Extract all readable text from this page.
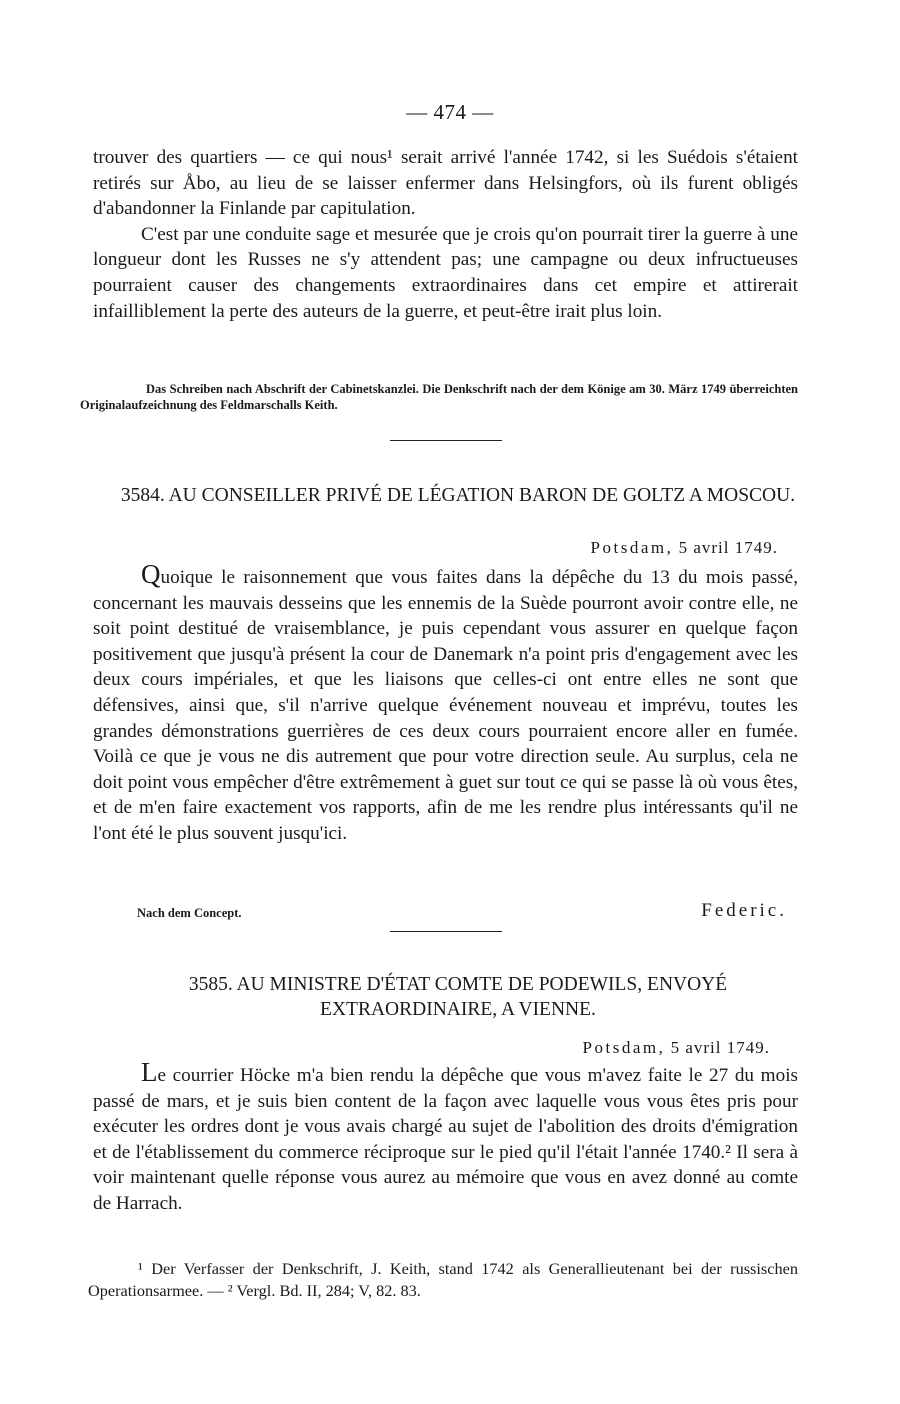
— 474 —

trouver des quartiers — ce qui nous¹ serait arrivé l'année 1742, si les Suédois s'étaient retirés sur Åbo, au lieu de se laisser enfermer dans Helsingfors, où ils furent obligés d'abandonner la Finlande par capitulation.

C'est par une conduite sage et mesurée que je crois qu'on pourrait tirer la guerre à une longueur dont les Russes ne s'y attendent pas; une campagne ou deux infructueuses pourraient causer des changements extraordinaires dans cet empire et attirerait infailliblement la perte des auteurs de la guerre, et peut-être irait plus loin.

Das Schreiben nach Abschrift der Cabinetskanzlei. Die Denkschrift nach der dem Könige am 30. März 1749 überreichten Originalaufzeichnung des Feldmarschalls Keith.
3584. AU CONSEILLER PRIVÉ DE LÉGATION BARON DE GOLTZ A MOSCOU.
Potsdam, 5 avril 1749.

Quoique le raisonnement que vous faites dans la dépêche du 13 du mois passé, concernant les mauvais desseins que les ennemis de la Suède pourront avoir contre elle, ne soit point destitué de vraisemblance, je puis cependant vous assurer en quelque façon positivement que jusqu'à présent la cour de Danemark n'a point pris d'engagement avec les deux cours impériales, et que les liaisons que celles-ci ont entre elles ne sont que défensives, ainsi que, s'il n'arrive quelque événement nouveau et imprévu, toutes les grandes démonstrations guerrières de ces deux cours pourraient encore aller en fumée. Voilà ce que je vous ne dis autrement que pour votre direction seule. Au surplus, cela ne doit point vous empêcher d'être extrêmement à guet sur tout ce qui se passe là où vous êtes, et de m'en faire exactement vos rapports, afin de me les rendre plus intéressants qu'il ne l'ont été le plus souvent jusqu'ici.

Nach dem Concept.	Federic.
3585. AU MINISTRE D'ÉTAT COMTE DE PODEWILS, ENVOYÉ EXTRAORDINAIRE, A VIENNE.
Potsdam, 5 avril 1749.

Le courrier Höcke m'a bien rendu la dépêche que vous m'avez faite le 27 du mois passé de mars, et je suis bien content de la façon avec laquelle vous vous êtes pris pour exécuter les ordres dont je vous avais chargé au sujet de l'abolition des droits d'émigration et de l'établissement du commerce réciproque sur le pied qu'il l'était l'année 1740.² Il sera à voir maintenant quelle réponse vous aurez au mémoire que vous en avez donné au comte de Harrach.

¹ Der Verfasser der Denkschrift, J. Keith, stand 1742 als Generallieutenant bei der russischen Operationsarmee. — ² Vergl. Bd. II, 284; V, 82. 83.
